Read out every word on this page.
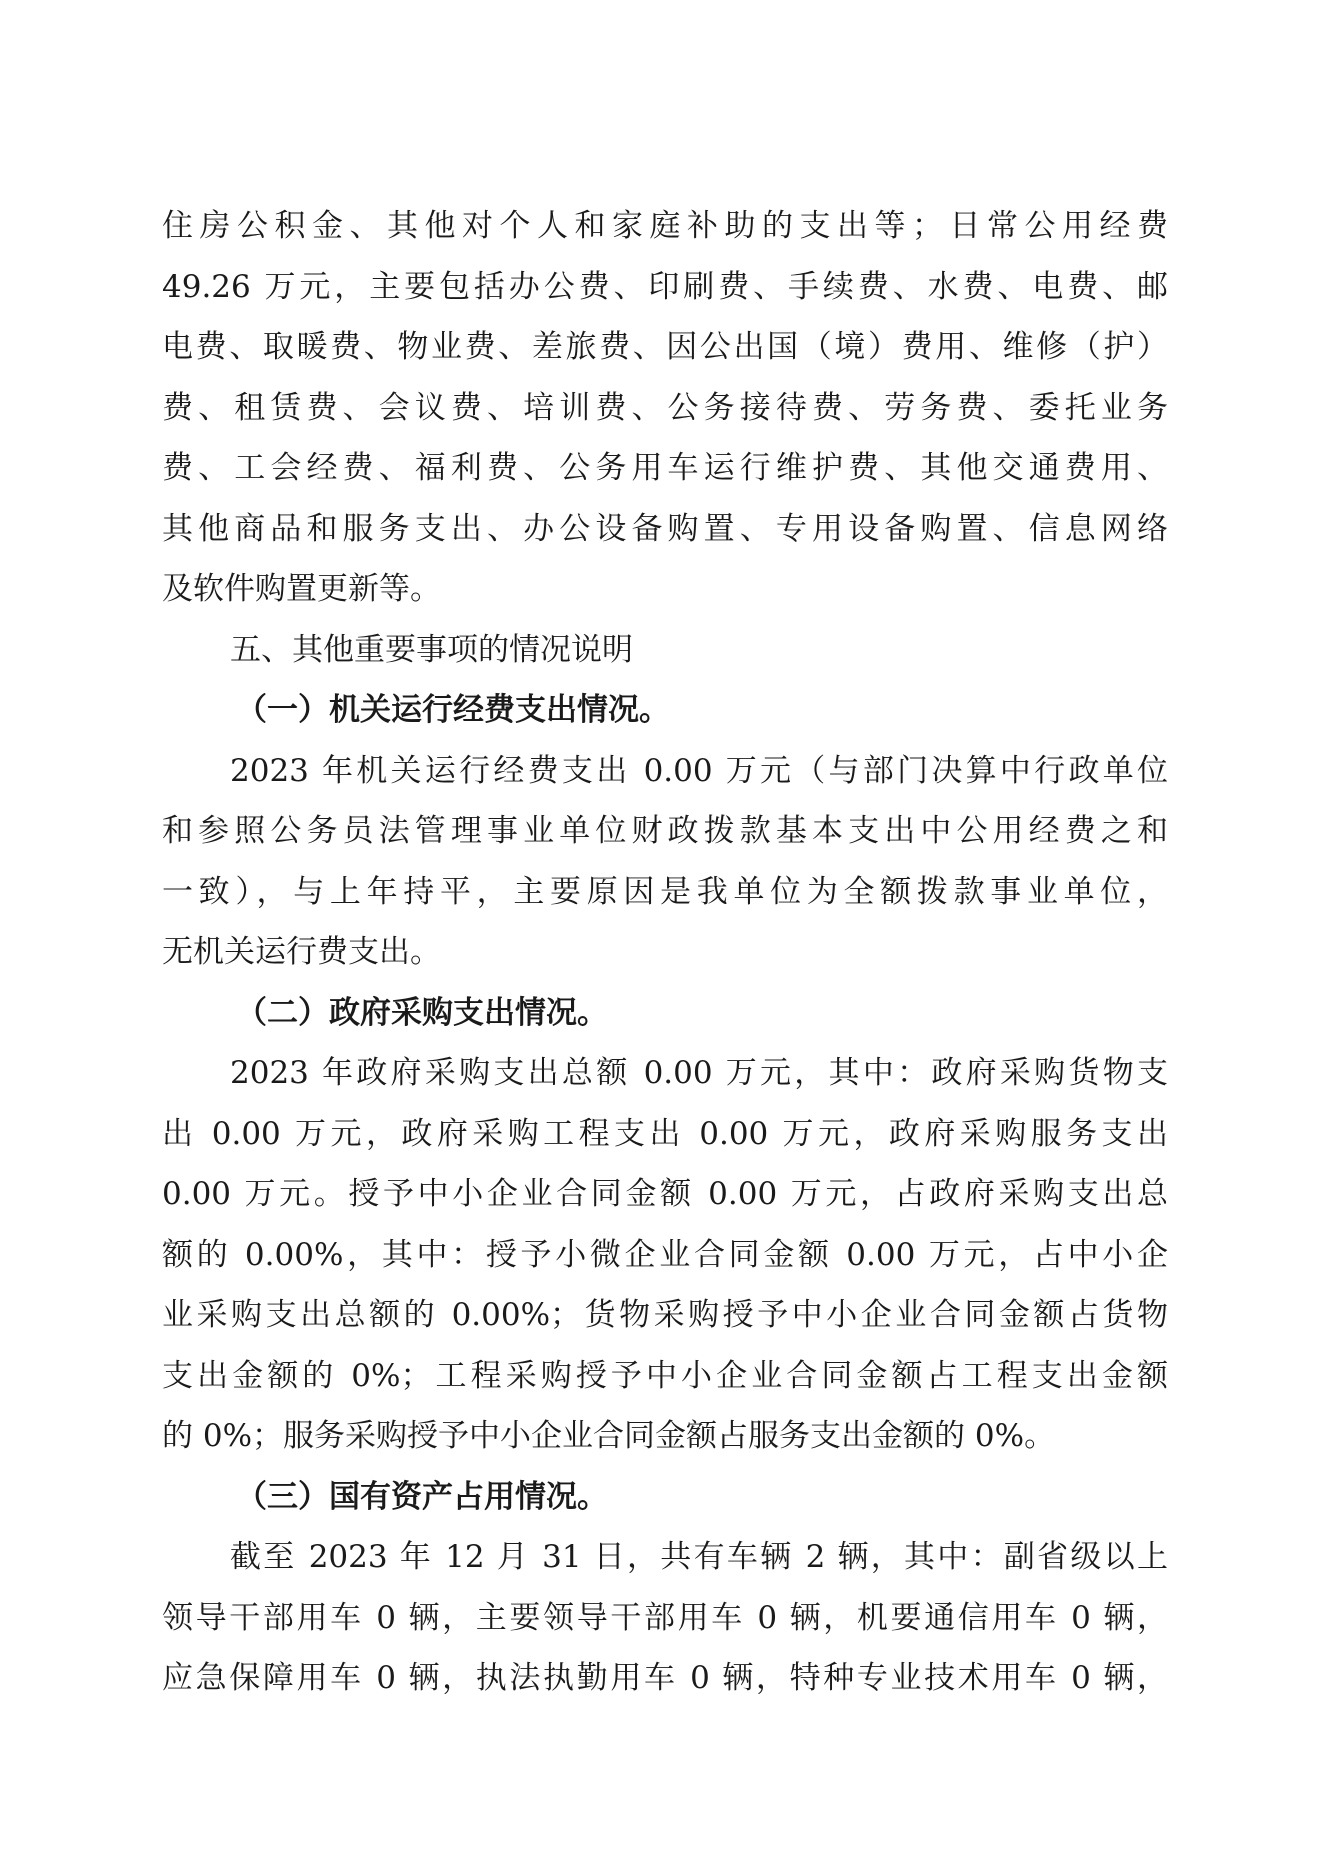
住房公积金、其他对个人和家庭补助的支出等；日常公用经费
49.26 万元，主要包括办公费、印刷费、手续费、水费、电费、邮
电费、取暖费、物业费、差旅费、因公出国（境）费用、维修（护）
费、租赁费、会议费、培训费、公务接待费、劳务费、委托业务
费、工会经费、福利费、公务用车运行维护费、其他交通费用、
其他商品和服务支出、办公设备购置、专用设备购置、信息网络
及软件购置更新等。
五、其他重要事项的情况说明
（一）机关运行经费支出情况。
2023 年机关运行经费支出 0.00 万元（与部门决算中行政单位
和参照公务员法管理事业单位财政拨款基本支出中公用经费之和
一致），与上年持平，主要原因是我单位为全额拨款事业单位，
无机关运行费支出。
（二）政府采购支出情况。
2023 年政府采购支出总额 0.00 万元，其中：政府采购货物支
出 0.00 万元，政府采购工程支出 0.00 万元，政府采购服务支出
0.00 万元。授予中小企业合同金额 0.00 万元，占政府采购支出总
额的 0.00%，其中：授予小微企业合同金额 0.00 万元，占中小企
业采购支出总额的 0.00%；货物采购授予中小企业合同金额占货物
支出金额的 0%；工程采购授予中小企业合同金额占工程支出金额
的 0%；服务采购授予中小企业合同金额占服务支出金额的 0%。
（三）国有资产占用情况。
截至 2023 年 12 月 31 日，共有车辆 2 辆，其中：副省级以上
领导干部用车 0 辆，主要领导干部用车 0 辆，机要通信用车 0 辆，
应急保障用车 0 辆，执法执勤用车 0 辆，特种专业技术用车 0 辆，
